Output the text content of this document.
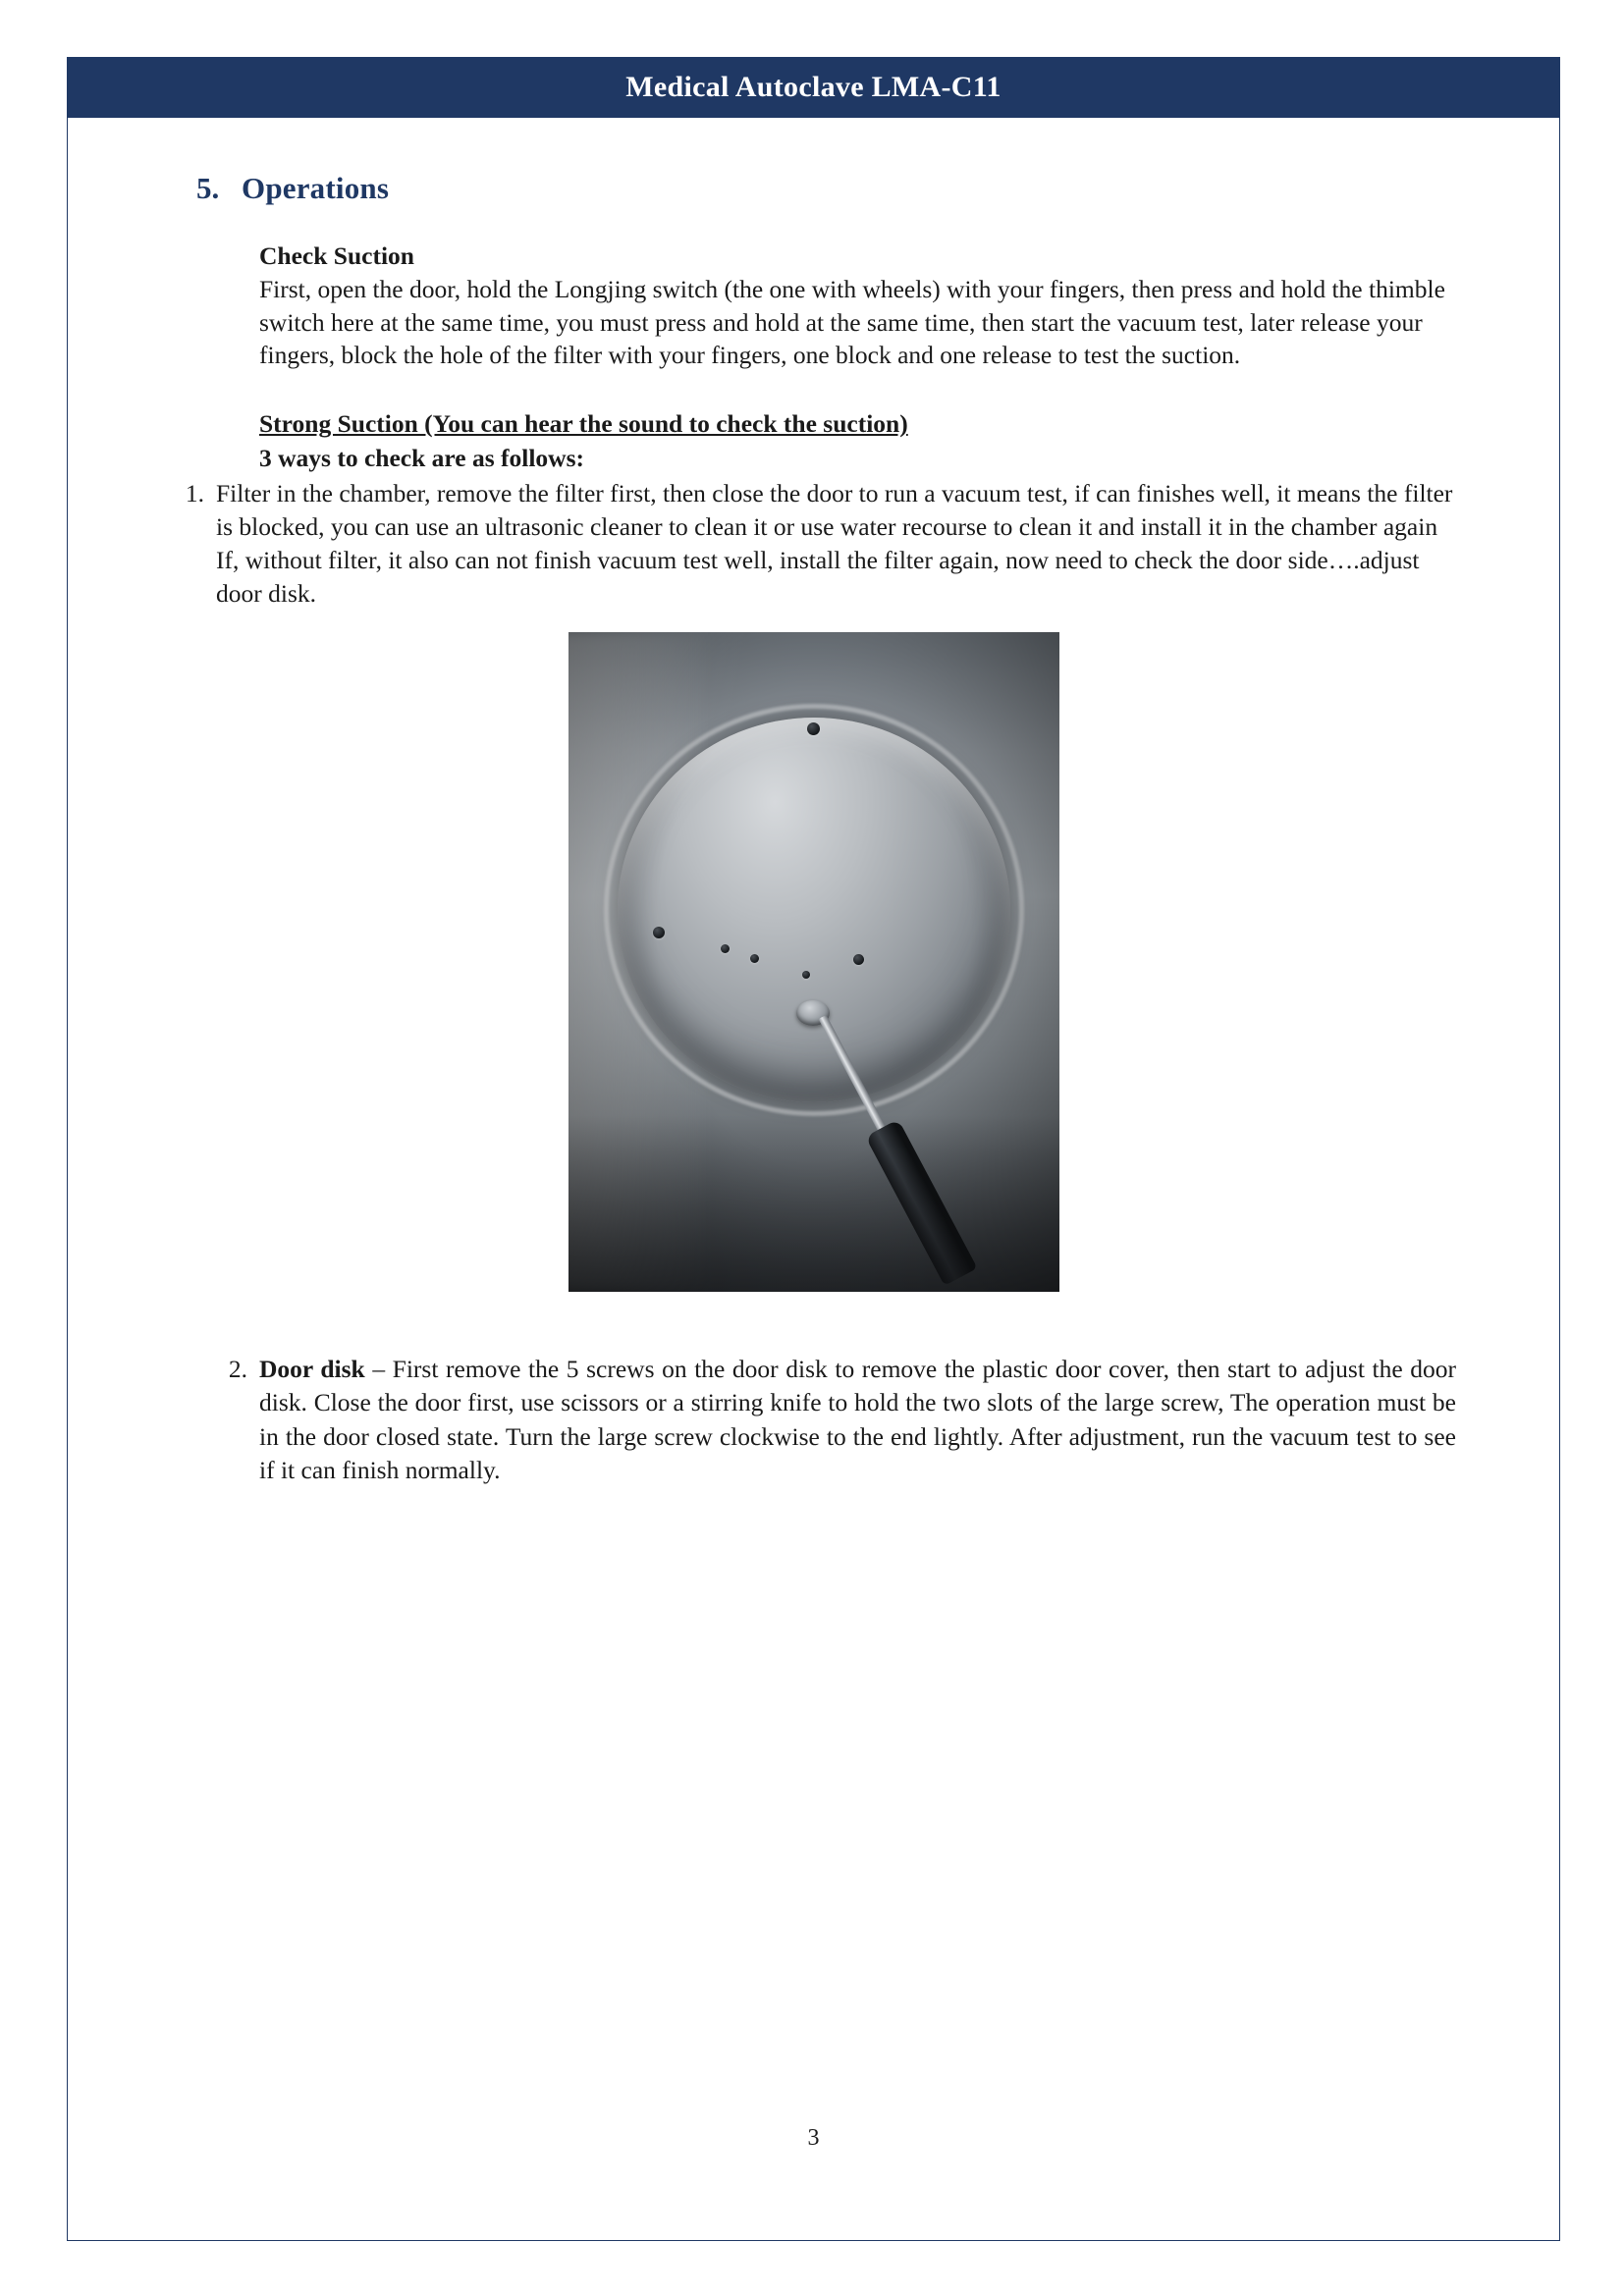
Medical Autoclave LMA-C11
5. Operations
Check Suction

First, open the door, hold the Longjing switch (the one with wheels) with your fingers, then press and hold the thimble switch here at the same time, you must press and hold at the same time, then start the vacuum test, later release your fingers, block the hole of the filter with your fingers, one block and one release to test the suction.

Strong Suction (You can hear the sound to check the suction)
3 ways to check are as follows:
1. Filter in the chamber, remove the filter first, then close the door to run a vacuum test, if can finishes well, it means the filter is blocked, you can use an ultrasonic cleaner to clean it or use water recourse to clean it and install it in the chamber again If, without filter, it also can not finish vacuum test well, install the filter again, now need to check the door side….adjust door disk.
2. Door disk – First remove the 5 screws on the door disk to remove the plastic door cover, then start to adjust the door disk. Close the door first, use scissors or a stirring knife to hold the two slots of the large screw, The operation must be in the door closed state. Turn the large screw clockwise to the end lightly. After adjustment, run the vacuum test to see if it can finish normally.
3
